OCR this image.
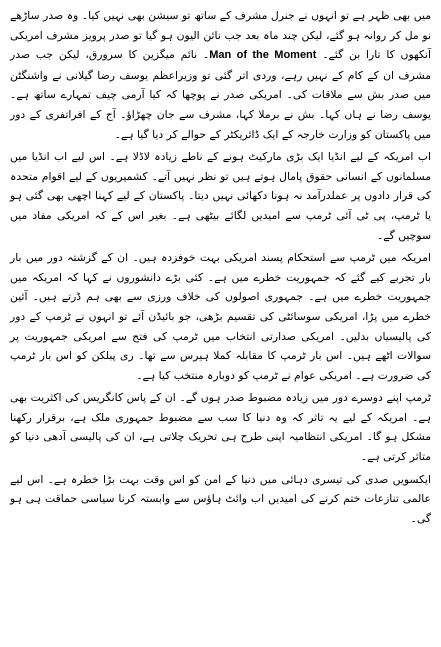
میں بھی ظہر ہے تو انہوں نے جنرل مشرف کے ساتھ تو سیشن بھی نہیں کیا۔ وہ صدر ساڑھے نو مل کر روانہ ہو گئے، لیکن چند ماہ بعد جب نائن الیون ہو گیا تو صدر پرویز مشرف امریکی آنکھوں کا تارا بن گئے۔ Man of the Moment۔ نائم میگزین کا سرورق، لیکن جب صدر مشرف ان کے کام کے نہیں رہے، وردی اتر گئی تو وزیراعظم یوسف رضا گیلانی نے واشنگٹن میں صدر بش سے ملاقات کی۔ امریکی صدر نے پوچھا کہ کیا آرمی چیف تمہارے ساتھ ہے۔ یوسف رضا نے ہاں کہا۔ بش نے برملا کہا، مشرف سے جان چھڑاؤ۔ آج کے افراتفری کے دور میں پاکستان کو وزارت خارجہ کے ایک ڈائریکٹر کے حوالے کر دیا گیا ہے۔

اب امریکہ کے لیے انڈیا ایک بڑی مارکیٹ ہونے کے ناطے زیادہ لاڈلا ہے۔ اس لیے اب انڈیا میں مسلمانوں کے انسانی حقوق پامال ہوتے ہیں تو نظر نہیں آتے۔ کشمیریوں کے لیے اقوام متحدہ کی قرار دادوں پر عملدرآمد نہ ہونا دکھائی نہیں دیتا۔ پاکستان کے لیے کہنا اچھی بھی گئی ہو یا ٹرمپ، پی ٹی آئی ٹرمپ سے امیدیں لگائے بیٹھی ہے۔ بغیر اس کے کہ امریکی مفاد میں سوچیں گے۔

امریکہ میں ٹرمپ سے استحکام پسند امریکی بہت خوفزدہ ہیں۔ ان کے گزشتہ دور میں بار بار تجربے کیے گئے کہ جمہوریت خطرے میں ہے۔ کئی بڑے دانشوروں نے کہا کہ امریکہ میں جمہوریت خطرے میں ہے۔ جمہوری اصولوں کی خلاف ورزی سے بھی ہم ڈرتے ہیں۔ آئین خطرے میں پڑا، امریکی سوسائٹی کی تقسیم بڑھی، جو بائیڈن آئے تو انہوں نے ٹرمپ کے دور کی پالیسیاں بدلیں۔ امریکی صدارتی انتخاب میں ٹرمپ کی فتح سے امریکی جمہوریت پر سوالات اٹھے ہیں۔ اس بار ٹرمپ کا مقابلہ کملا ہیرس سے تھا۔ ری پبلکن کو اس بار ٹرمپ کی ضرورت ہے۔ امریکی عوام نے ٹرمپ کو دوبارہ منتخب کیا ہے۔

ٹرمپ اپنے دوسرے دور میں زیادہ مضبوط صدر ہوں گے۔ ان کے پاس کانگریس کی اکثریت بھی ہے۔ امریکہ کے لیے یہ تاثر کہ وہ دنیا کا سب سے مضبوط جمہوری ملک ہے، برقرار رکھنا مشکل ہو گا۔ امریکی انتظامیہ اپنی طرح ہی تحریک چلاتی ہے، ان کی پالیسی آدھی دنیا کو متاثر کرتی ہے۔

ایکسویں صدی کی تیسری دہائی میں دنیا کے امن کو اس وقت بہت بڑا خطرہ ہے۔ اس لیے عالمی تنازعات ختم کرنے کی امیدیں اب وائٹ ہاؤس سے وابستہ کرنا سیاسی حماقت ہی ہو گی۔
